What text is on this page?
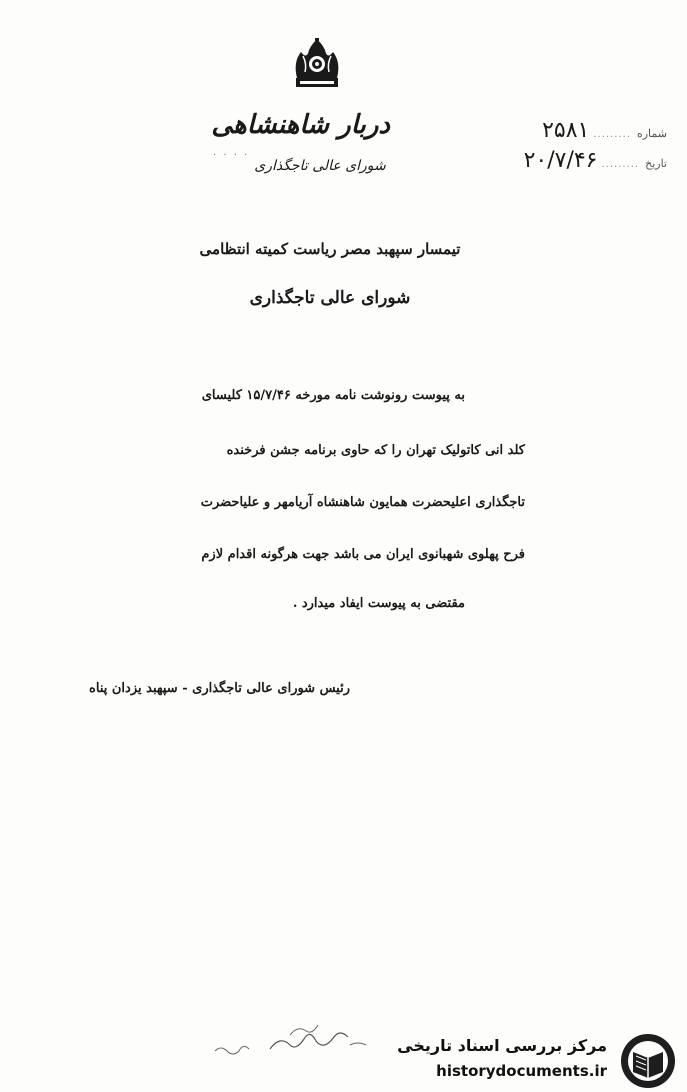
دربار شاهنشاهی
· · · ·
شورای عالی تاجگذاری
شماره
.........
۲۵۸۱
تاریخ
.........
۲۰/۷/۴۶
تیمسار سپهبد مصر ریاست کمیته انتظامی
شورای عالی تاجگذاری
به پیوست رونوشت نامه مورخه ۱۵/۷/۴۶ کلیسای
کلد انی کاتولیک تهران را که حاوی برنامه جشن فرخنده
تاجگذاری اعلیحضرت همایون شاهنشاه آریامهر و علیاحضرت
فرح پهلوی شهبانوی ایران می باشد جهت هرگونه اقدام لازم
مقتضی به پیوست ایفاد میدارد .
رئیس شورای عالی تاجگذاری - سپهبد یزدان پناه
مرکز بررسی اسناد تاریخی
historydocuments.ir
